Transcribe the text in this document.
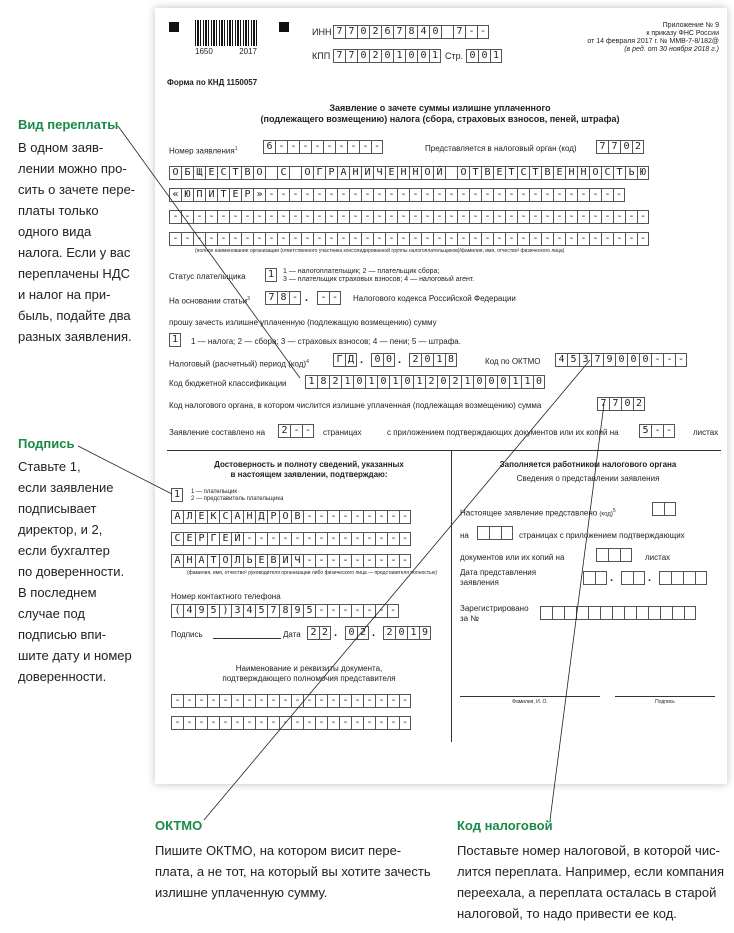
1650	2017
ИНН 7 7 0 2 6 7 8 4 0	7 - -
КПП 7 7 0 2 0 1 0 0 1 Стр. 0 0 1
Приложение № 9
к приказу ФНС России
от 14 февраля 2017 г. № ММВ-7-8/182@
(в ред. от 30 ноября 2018 г.)
Форма по КНД 1150057
Заявление о зачете суммы излишне уплаченного
(подлежащего возмещению) налога (сбора, страховых взносов, пеней, штрафа)
Номер заявления$^1$	6 - - - - - - - - -	Представляется в налоговый орган (код)	7 7 0 2
О Б Щ Е С Т В О	С	О Г Р А Н И Ч Е Н Н О Й	О Т В Е Т С Т В Е Н Н О С Т Ь Ю
« Ю П И Т Е Р » - - - - - - - - - - - - - - - - - - - - - - - - - - - - - -
- - - - - - - - - - - - - - - - - - - - - - - - - - - - - - - - - - - - - - - -
- - - - - - - - - - - - - - - - - - - - - - - - - - - - - - - - - - - - - - - -
(полное наименование организации (ответственного участника консолидированной группы налогоплательщиков)/фамилия, имя, отчество² физического лица)
Статус плательщика 1	1 — налогоплательщик; 2 — плательщик сбора;
3 — плательщик страховых взносов; 4 — налоговый агент.
На основании статьи$^3$	7 8 - .	- -	Налогового кодекса Российской Федерации
прошу зачесть излишне уплаченную (подлежащую возмещению) сумму
1	1 — налога; 2 — сбора; 3 — страховых взносов; 4 — пени; 5 — штрафа.
Налоговый (расчетный) период (код)$^4$	Г Д .	0 0 .	2 0 1 8	Код по ОКТМО	4 5 3 7 9 0 0 0 - - -
Код бюджетной классификации	1 8 2 1 0 1 0 1 0 1 2 0 2 1 0 0 0 1 1 0
Код налогового органа, в котором числится излишне уплаченная (подлежащая возмещению) сумма	7 7 0 2
Заявление составлено на	2 - -	страницах	с приложением подтверждающих документов или их копий на	5 - -	листах
Достоверность и полноту сведений, указанных
в настоящем заявлении, подтверждаю:
1	1 — плательщик
2 — представитель плательщика
А Л Е К С А Н Д Р О В - - - - - - - - -
С Е Р Г Е Й - - - - - - - - - - - - - -
А Н А Т О Л Ь Е В И Ч - - - - - - - - -
(фамилия, имя, отчество² руководителя организации либо физического лица — представителя полностью)
Номер контактного телефона
( 4 9 5 ) 3 4 5 7 8 9 5 - - - - - - -
Подпись	Дата 2 2 .	0 2 .	2 0 1 9
Наименование и реквизиты документа,
подтверждающего полномочия представителя
- - - - - - - - - - - - - - - - - - - -
- - - - - - - - - - - - - - - - - - - -
Заполняется работником налогового органа
Сведения о представлении заявления
Настоящее заявление представлено (код)$^5$
на	страницах с приложением подтверждающих
документов или их копий на	листах
Дата представления
заявления	.	.
Зарегистрировано
за №
Фамилия, И. О.	Подпись
Вид переплаты
В одном заяв-
лении можно про-
сить о зачете пере-
платы только
одного вида
налога. Если у вас
переплачены НДС
и налог на при-
быль, подайте два
разных заявления.
Подпись
Ставьте 1,
если заявление
подписывает
директор, и 2,
если бухгалтер
по доверенности.
В последнем
случае под
подписью впи-
шите дату и номер
доверенности.
ОКТМО
Пишите ОКТМО, на котором висит пере-
плата, а не тот, на который вы хотите зачесть
излишне уплаченную сумму.
Код налоговой
Поставьте номер налоговой, в которой чис-
лится переплата. Например, если компания
переехала, а переплата осталась в старой
налоговой, то надо привести ее код.
